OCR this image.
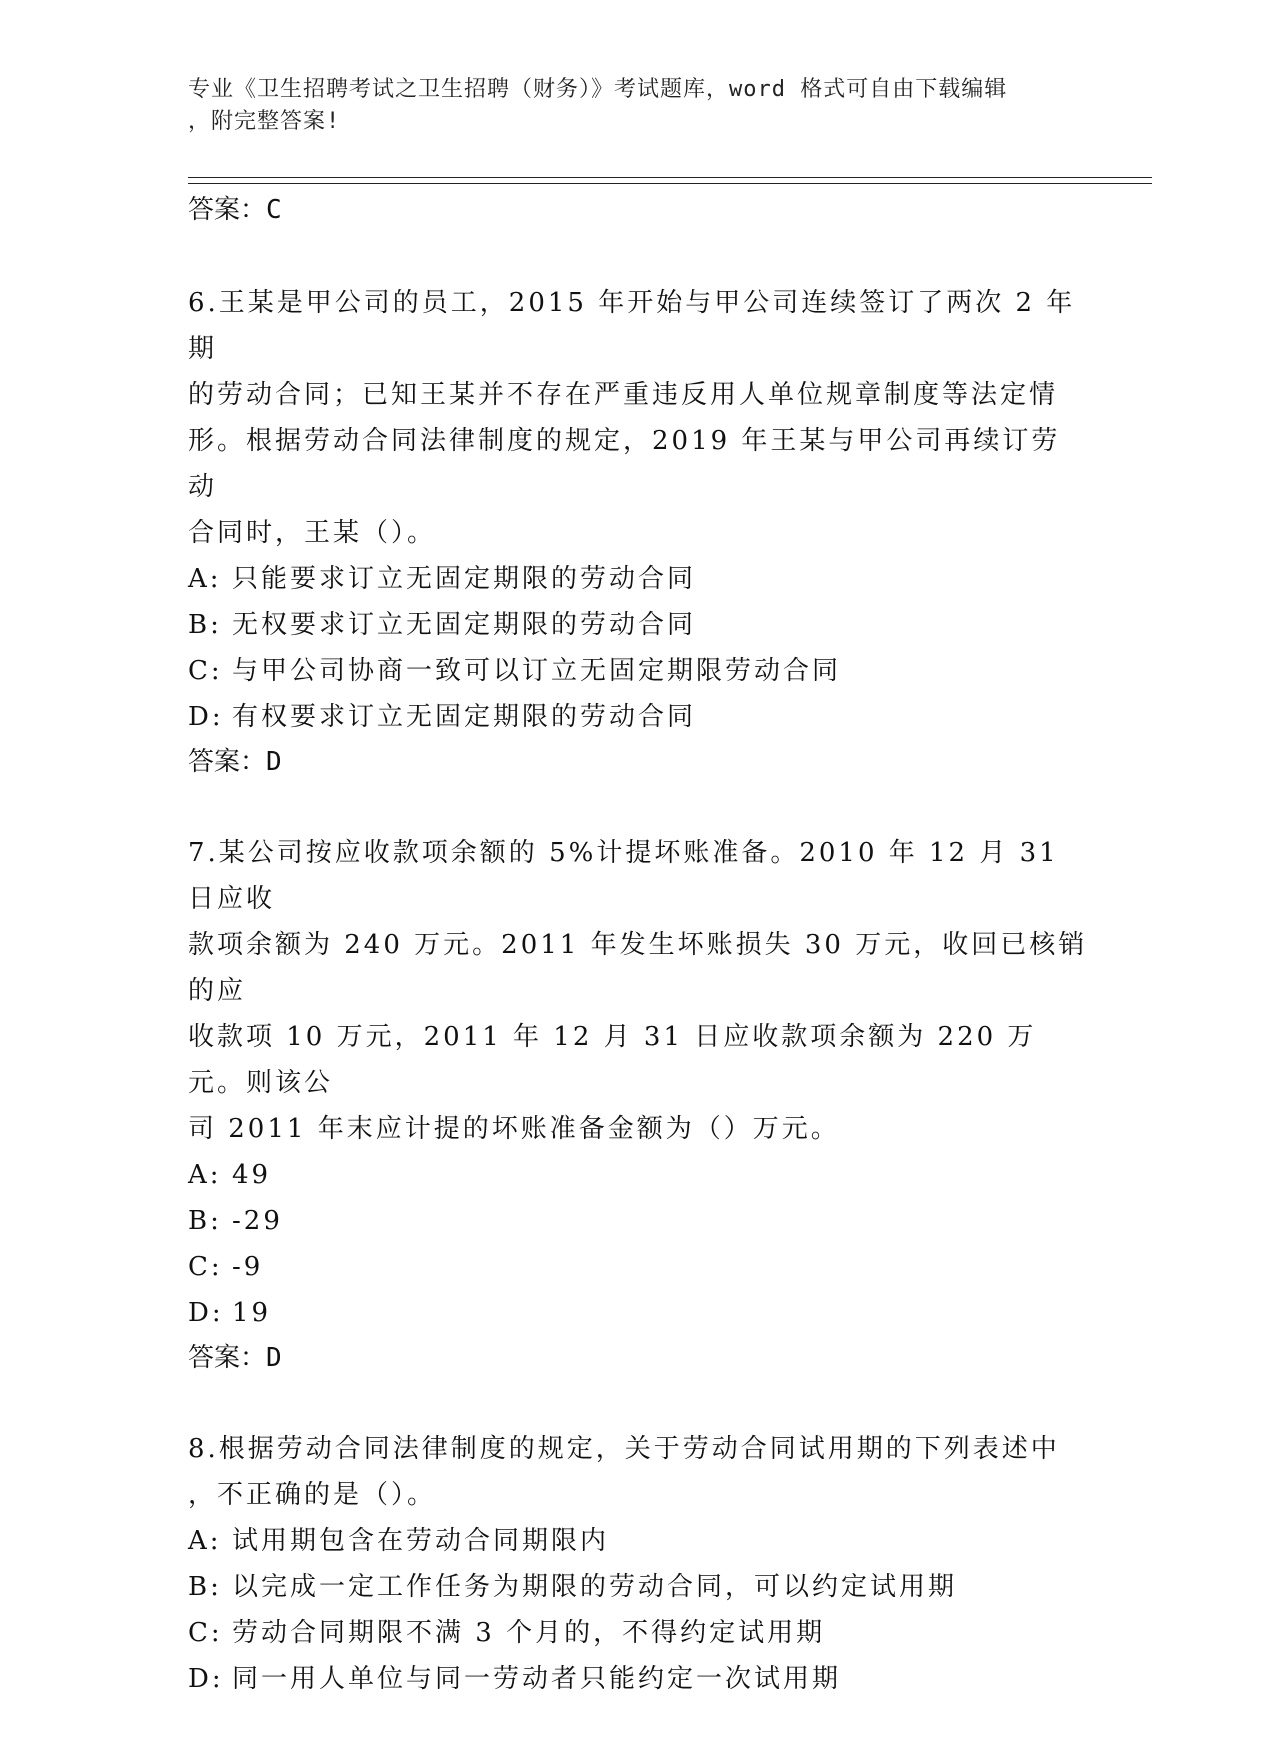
专业《卫生招聘考试之卫生招聘（财务）》考试题库，word 格式可自由下载编辑
，附完整答案!
答案：C

6.王某是甲公司的员工，2015 年开始与甲公司连续签订了两次 2 年期

的劳动合同；已知王某并不存在严重违反用人单位规章制度等法定情

形。根据劳动合同法律制度的规定，2019 年王某与甲公司再续订劳动

合同时，王某（）。

A: 只能要求订立无固定期限的劳动合同

B: 无权要求订立无固定期限的劳动合同

C: 与甲公司协商一致可以订立无固定期限劳动合同

D: 有权要求订立无固定期限的劳动合同

答案：D

7.某公司按应收款项余额的 5%计提坏账准备。2010 年 12 月 31 日应收

款项余额为 240 万元。2011 年发生坏账损失 30 万元，收回已核销的应

收款项 10 万元，2011 年 12 月 31 日应收款项余额为 220 万元。则该公

司 2011 年末应计提的坏账准备金额为（）万元。

A: 49

B: -29

C: -9

D: 19

答案：D

8.根据劳动合同法律制度的规定，关于劳动合同试用期的下列表述中

，不正确的是（）。

A: 试用期包含在劳动合同期限内

B: 以完成一定工作任务为期限的劳动合同，可以约定试用期

C: 劳动合同期限不满 3 个月的，不得约定试用期

D: 同一用人单位与同一劳动者只能约定一次试用期
